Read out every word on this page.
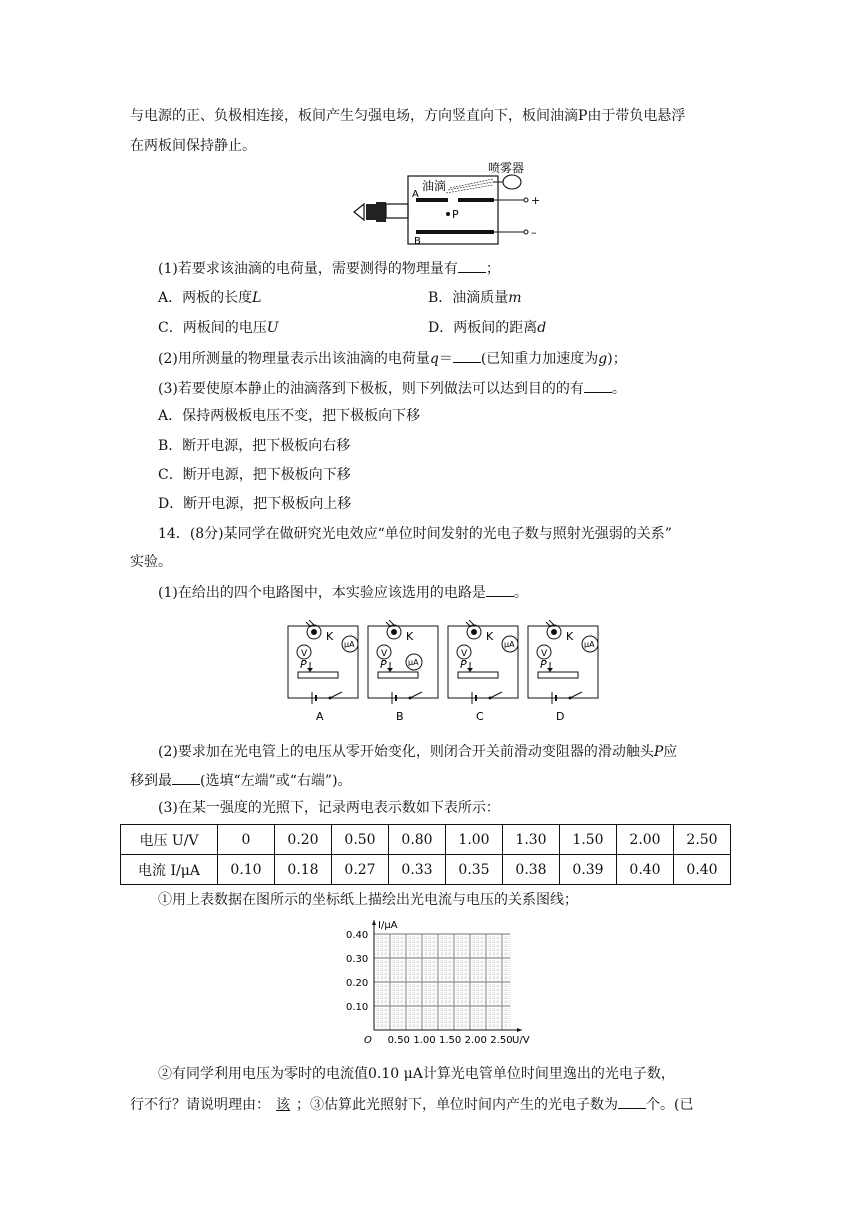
与电源的正、负极相连接，板间产生匀强电场，方向竖直向下，板间油滴P由于带负电悬浮
在两板间保持静止。
喷雾器
油滴
A
P
B
+
–
(1)若要求该油滴的电荷量，需要测得的物理量有 ；
A．两板的长度L	B．油滴质量m
C．两板间的电压U	D．两板间的距离d
(2)用所测量的物理量表示出该油滴的电荷量q＝ (已知重力加速度为g)；
(3)若要使原本静止的油滴落到下极板，则下列做法可以达到目的的有 。
A．保持两极板电压不变，把下极板向下移
B．断开电源，把下极板向右移
C．断开电源，把下极板向下移
D．断开电源，把下极板向上移
14．(8分)某同学在做研究光电效应“单位时间发射的光电子数与照射光强弱的关系”
实验。
(1)在给出的四个电路图中，本实验应该选用的电路是 。
K
μA
V
P
A
K
μA
V
P
B
K
μA
V
P
C
K
μA
V
P
D
(2)要求加在光电管上的电压从零开始变化，则闭合开关前滑动变阻器的滑动触头P应
移到最 (选填“左端”或“右端”)。
(3)在某一强度的光照下，记录两电表示数如下表所示：
电压 U/V	0	0.20	0.50	0.80	1.00	1.30	1.50	2.00	2.50
电流 I/μA	0.10	0.18	0.27	0.33	0.35	0.38	0.39	0.40	0.40
①用上表数据在图所示的坐标纸上描绘出光电流与电压的关系图线；
0.10
0.20
0.30
0.40
0.50 1.00 1.50 2.00 2.50
O
I/μA
U/V
②有同学利用电压为零时的电流值0.10 μA计算光电管单位时间里逸出的光电子数，
行不行？请说明理由： 该 ；③估算此光照射下，单位时间内产生的光电子数为 个。(已
